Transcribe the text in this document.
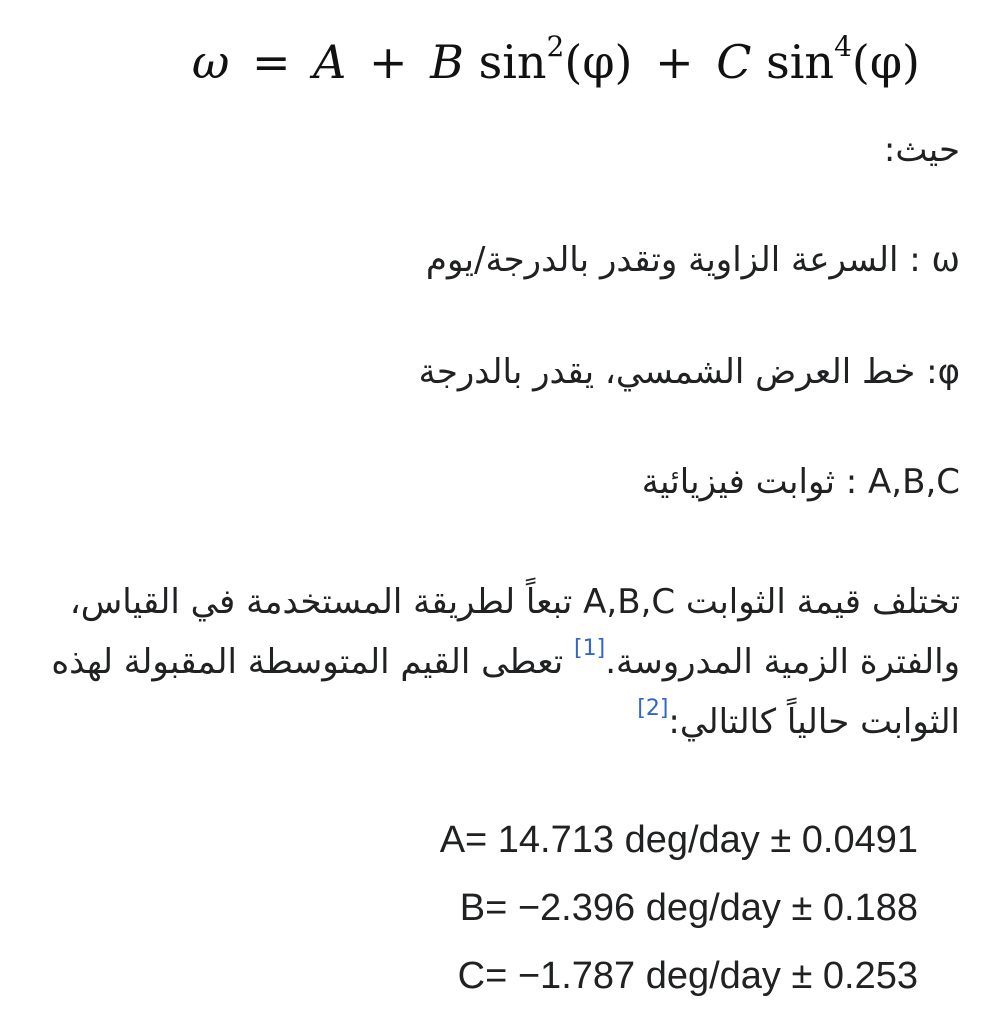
ω = A + B $\sin^2(\varphi) + C$ $\sin^4(\varphi)$
حيث:
ω : السرعة الزاوية وتقدر بالدرجة/يوم
φ: خط العرض الشمسي، يقدر بالدرجة
A,B,C : ثوابت فيزيائية
تختلف قيمة الثوابت A,B,C تبعاً لطريقة المستخدمة في القياس، والفترة الزمية المدروسة.[1] تعطى القيم المتوسطة المقبولة لهذه الثوابت حالياً كالتالي:[2]
A= 14.713 deg/day ± 0.0491
B= −2.396 deg/day ± 0.188
C= −1.787 deg/day ± 0.253
